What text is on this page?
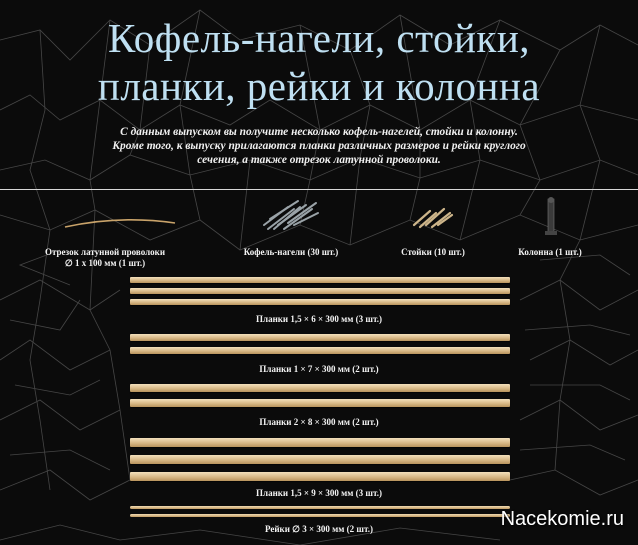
Кофель-нагели, стойки,
планки, рейки и колонна
С данным выпуском вы получите несколько кофель-нагелей, стойки и колонну.
Кроме того, к выпуску прилагаются планки различных размеров и рейки круглого
сечения, а также отрезок латунной проволоки.
Отрезок латунной проволоки
∅ 1 x 100 мм (1 шт.)
Кофель-нагели (30 шт.)	Стойки (10 шт.)	Колонна (1 шт.)
Планки 1,5 × 6 × 300 мм (3 шт.)
Планки 1 × 7 × 300 мм (2 шт.)
Планки 2 × 8 × 300 мм (2 шт.)
Планки 1,5 × 9 × 300 мм (3 шт.)
Рейки ∅ 3 × 300 мм (2 шт.)	Nacekomie.ru
